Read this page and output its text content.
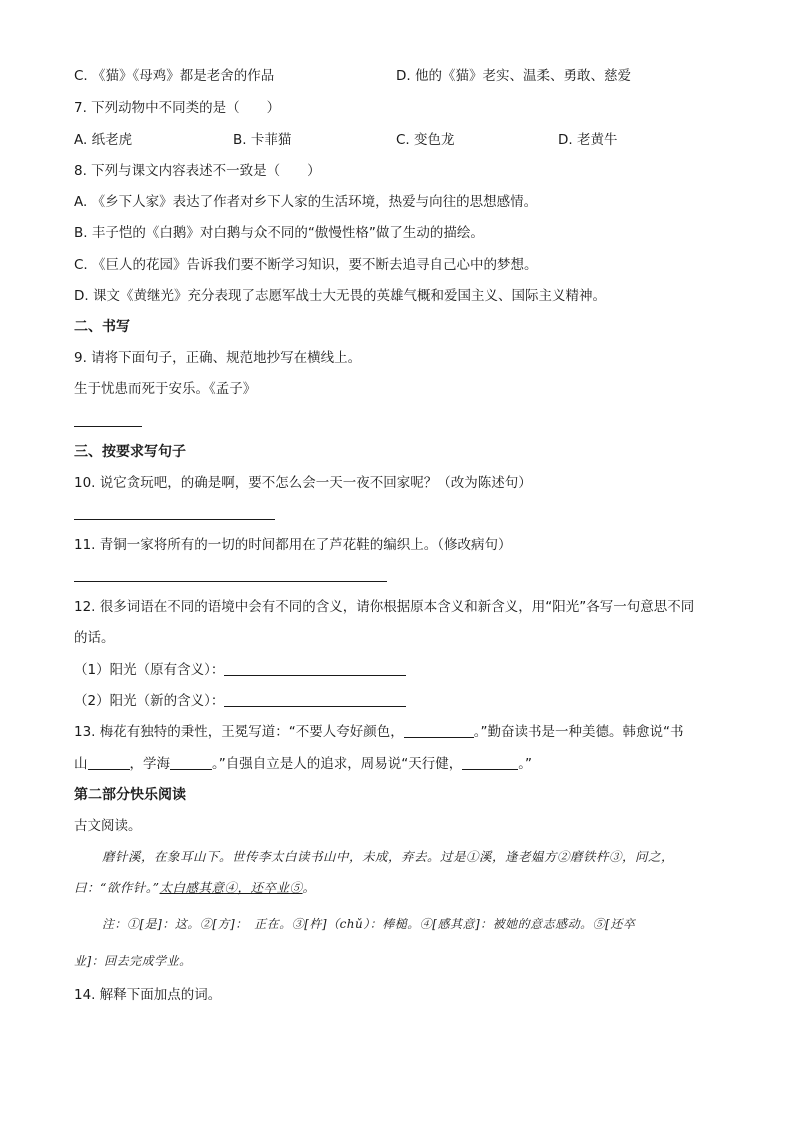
C. 《猫》《母鸡》都是老舍的作品	D. 他的《猫》老实、温柔、勇敢、慈爱
7. 下列动物中不同类的是（　　）
A. 纸老虎	B. 卡菲猫	C. 变色龙	D. 老黄牛
8. 下列与课文内容表述不一致是（　　）
A. 《乡下人家》表达了作者对乡下人家的生活环境，热爱与向往的思想感情。
B. 丰子恺的《白鹅》对白鹅与众不同的“傲慢性格”做了生动的描绘。
C. 《巨人的花园》告诉我们要不断学习知识，要不断去追寻自己心中的梦想。
D. 课文《黄继光》充分表现了志愿军战士大无畏的英雄气概和爱国主义、国际主义精神。
二、书写
9. 请将下面句子，正确、规范地抄写在横线上。
生于忧患而死于安乐。《孟子》
三、按要求写句子
10. 说它贪玩吧，的确是啊，要不怎么会一天一夜不回家呢？（改为陈述句）
11. 青铜一家将所有的一切的时间都用在了芦花鞋的编织上。（修改病句）
12. 很多词语在不同的语境中会有不同的含义，请你根据原本含义和新含义，用“阳光”各写一句意思不同
的话。
（1）阳光（原有含义）：
（2）阳光（新的含义）：
13. 梅花有独特的秉性，王冕写道：“不要人夸好颜色，	。”勤奋读书是一种美德。韩愈说“书
山	，学海	。”自强自立是人的追求，周易说“天行健，	。”
第二部分快乐阅读
古文阅读。
磨针溪，在象耳山下。世传李太白读书山中，未成，弃去。过是①溪，逢老媪方②磨铁杵③，问之，
曰：“欲作针。”太白感其意④，还卒业⑤。
注：①[是]：这。②[方]：　正在。③[杵]（chǔ）：棒槌。④[感其意]：被她的意志感动。⑤[还卒
业]：回去完成学业。
14. 解释下面加点的词。
